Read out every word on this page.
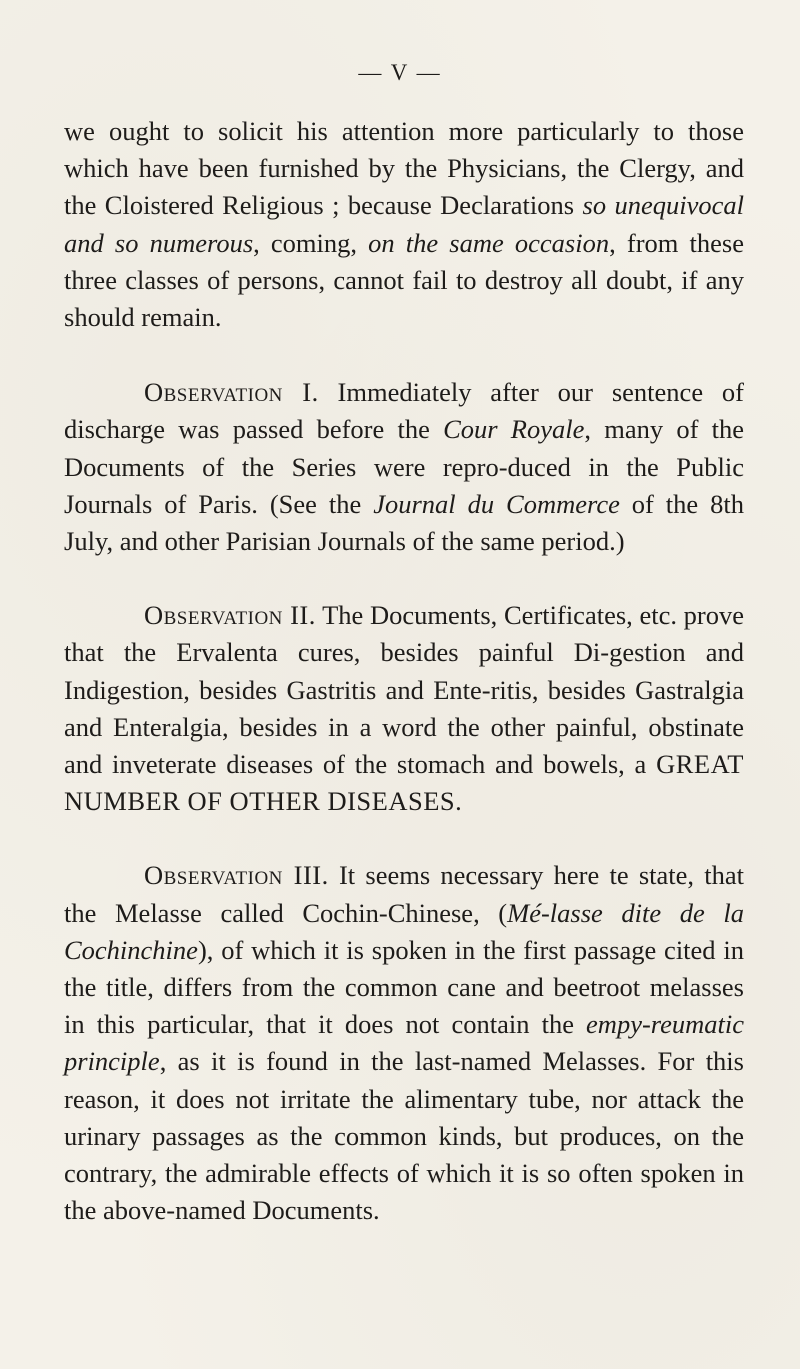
— V —

we ought to solicit his attention more particularly to those which have been furnished by the Physicians, the Clergy, and the Cloistered Religious ; because Declarations so unequivocal and so numerous, coming, on the same occasion, from these three classes of persons, cannot fail to destroy all doubt, if any should remain.

Observation I. Immediately after our sentence of discharge was passed before the Cour Royale, many of the Documents of the Series were repro-duced in the Public Journals of Paris. (See the Journal du Commerce of the 8th July, and other Parisian Journals of the same period.)

Observation II. The Documents, Certificates, etc. prove that the Ervalenta cures, besides painful Di-gestion and Indigestion, besides Gastritis and Ente-ritis, besides Gastralgia and Enteralgia, besides in a word the other painful, obstinate and inveterate diseases of the stomach and bowels, a GREAT NUMBER OF OTHER DISEASES.

Observation III. It seems necessary here te state, that the Melasse called Cochin-Chinese, (Mé-lasse dite de la Cochinchine), of which it is spoken in the first passage cited in the title, differs from the common cane and beetroot melasses in this particular, that it does not contain the empy-reumatic principle, as it is found in the last-named Melasses. For this reason, it does not irritate the alimentary tube, nor attack the urinary passages as the common kinds, but produces, on the contrary, the admirable effects of which it is so often spoken in the above-named Documents.
